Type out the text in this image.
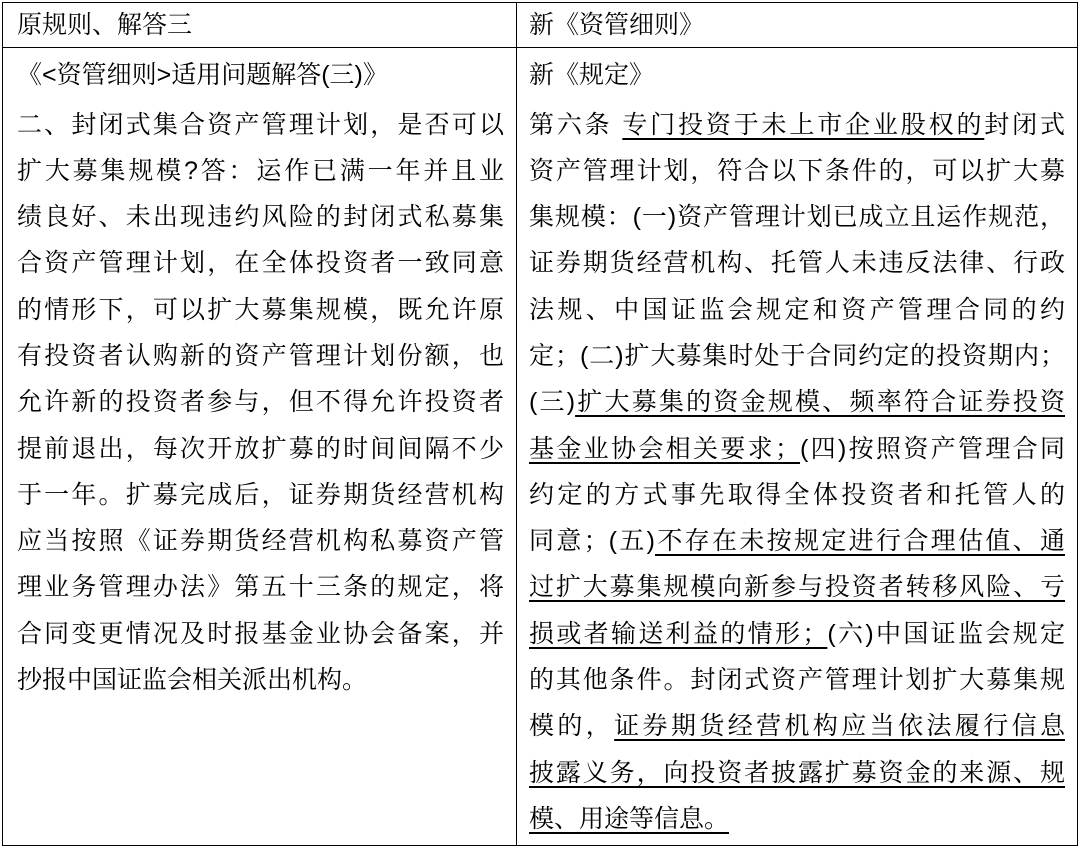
原规则、解答三	新《资管细则》
《<资管细则>适用问题解答(三)》
二、封闭式集合资产管理计划，是否可以
扩大募集规模?答：运作已满一年并且业
绩良好、未出现违约风险的封闭式私募集
合资产管理计划，在全体投资者一致同意
的情形下，可以扩大募集规模，既允许原
有投资者认购新的资产管理计划份额，也
允许新的投资者参与，但不得允许投资者
提前退出，每次开放扩募的时间间隔不少
于一年。扩募完成后，证券期货经营机构
应当按照《证券期货经营机构私募资产管
理业务管理办法》第五十三条的规定，将
合同变更情况及时报基金业协会备案，并
抄报中国证监会相关派出机构。
新《规定》
第六条 专门投资于未上市企业股权的封闭式
资产管理计划，符合以下条件的，可以扩大募
集规模：(一)资产管理计划已成立且运作规范，
证券期货经营机构、托管人未违反法律、行政
法规、中国证监会规定和资产管理合同的约
定；(二)扩大募集时处于合同约定的投资期内；
(三)扩大募集的资金规模、频率符合证券投资
基金业协会相关要求；(四)按照资产管理合同
约定的方式事先取得全体投资者和托管人的
同意；(五)不存在未按规定进行合理估值、通
过扩大募集规模向新参与投资者转移风险、亏
损或者输送利益的情形；(六)中国证监会规定
的其他条件。封闭式资产管理计划扩大募集规
模的，证券期货经营机构应当依法履行信息
披露义务，向投资者披露扩募资金的来源、规
模、用途等信息。
